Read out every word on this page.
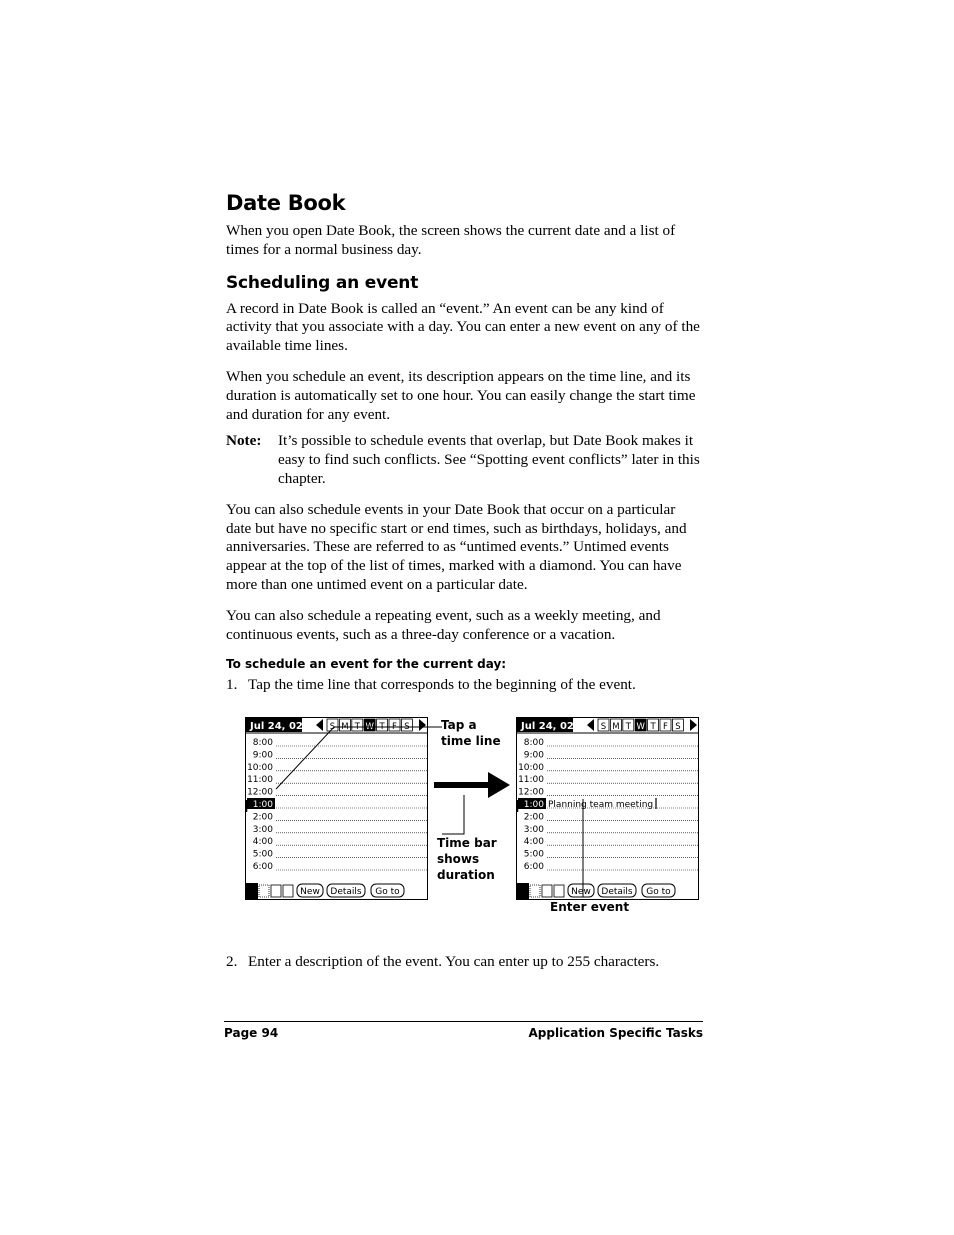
Date Book

When you open Date Book, the screen shows the current date and a list of times for a normal business day.

Scheduling an event

A record in Date Book is called an “event.” An event can be any kind of activity that you associate with a day. You can enter a new event on any of the available time lines.

When you schedule an event, its description appears on the time line, and its duration is automatically set to one hour. You can easily change the start time and duration for any event.

Note:	It’s possible to schedule events that overlap, but Date Book makes it easy to find such conflicts. See “Spotting event conflicts” later in this chapter.

You can also schedule events in your Date Book that occur on a particular date but have no specific start or end times, such as birthdays, holidays, and anniversaries. These are referred to as “untimed events.” Untimed events appear at the top of the list of times, marked with a diamond. You can have more than one untimed event on a particular date.

You can also schedule a repeating event, such as a weekly meeting, and continuous events, such as a three-day conference or a vacation.

To schedule an event for the current day:
1. Tap the time line that corresponds to the beginning of the event.
Jul 24, 02	S M T W T F S
8:00
9:00
10:00
11:00
12:00
1:00
2:00
3:00
4:00
5:00
6:00
New Details Go to
Jul 24, 02	S M T W T F S
8:00
9:00
10:00
11:00
12:00
1:00
2:00
3:00
4:00
5:00
6:00
Planning team meeting
New Details Go to
Tap a time line
Time bar shows duration
Enter event
2. Enter a description of the event. You can enter up to 255 characters.
Page 94	Application Specific Tasks
